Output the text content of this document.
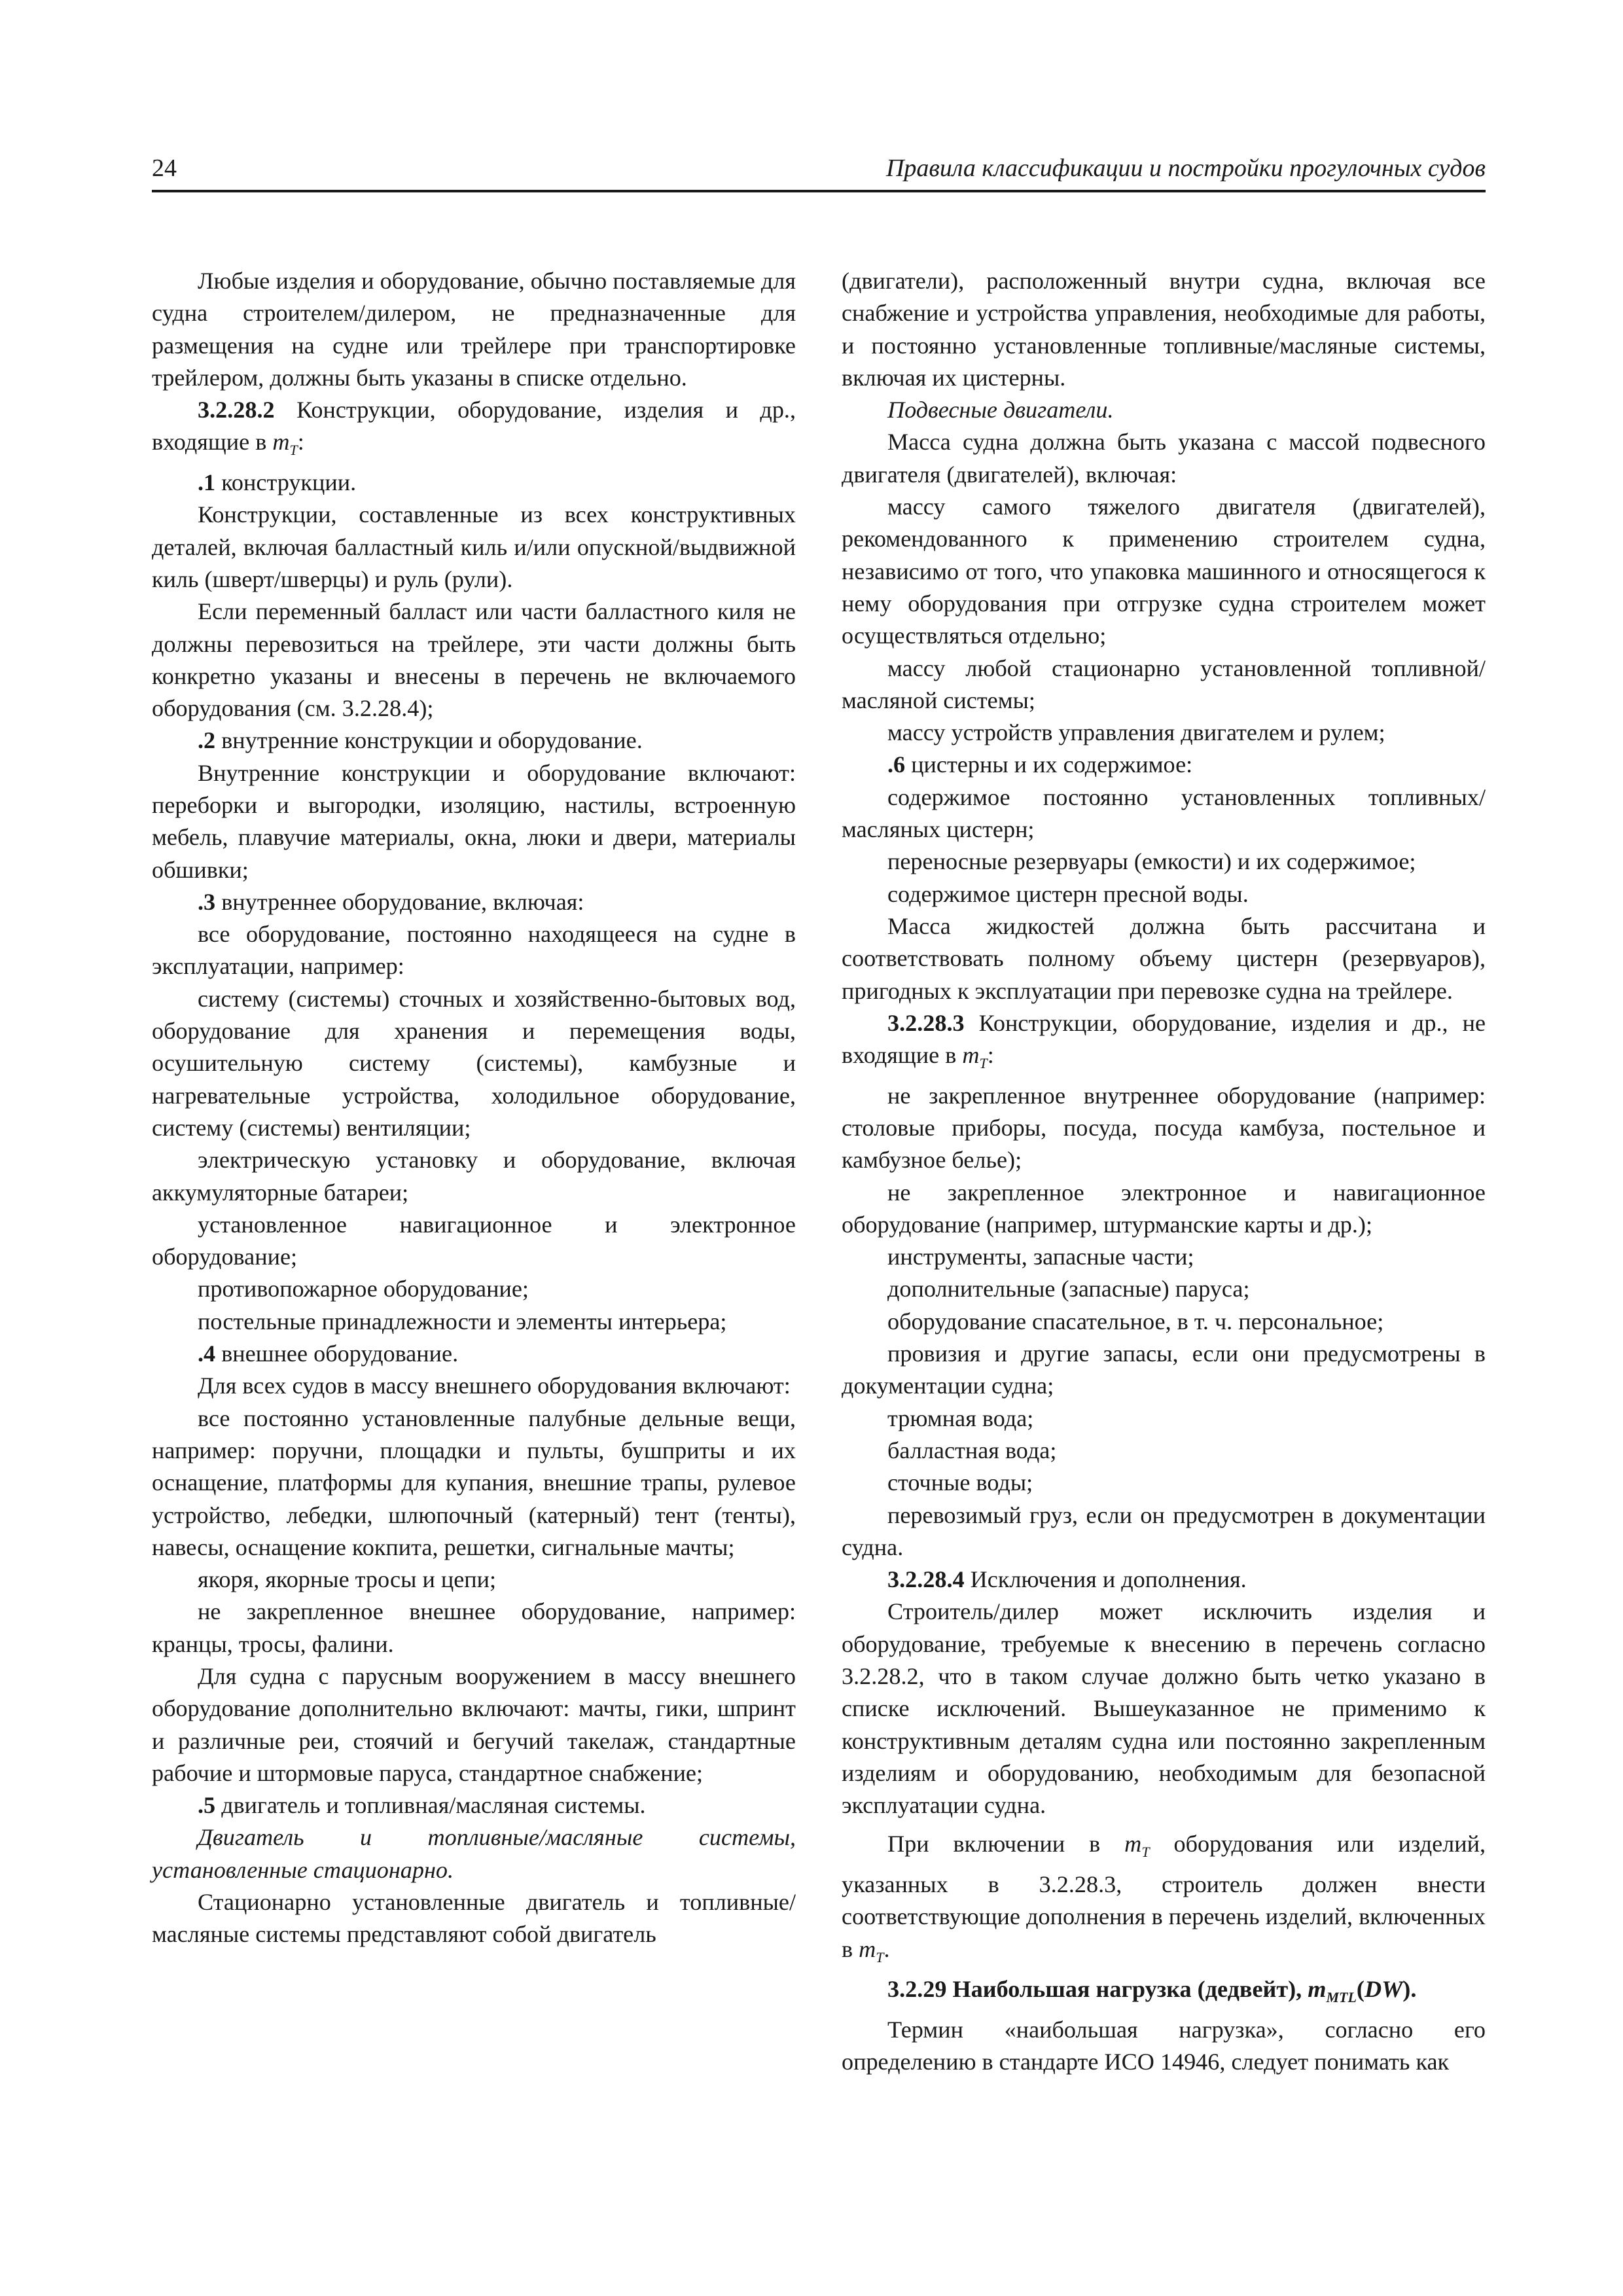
24	Правила классификации и постройки прогулочных судов

Любые изделия и оборудование, обычно поставляемые для судна строителем/дилером, не предназначенные для размещения на судне или трейлере при транспортировке трейлером, должны быть указаны в списке отдельно.

3.2.28.2 Конструкции, оборудование, изделия и др., входящие в $m_T$:

.1 конструкции.

Конструкции, составленные из всех конструктивных деталей, включая балластный киль и/или опускной/выдвижной киль (шверт/шверцы) и руль (рули).

Если переменный балласт или части балластного киля не должны перевозиться на трейлере, эти части должны быть конкретно указаны и внесены в перечень не включаемого оборудования (см. 3.2.28.4);

.2 внутренние конструкции и оборудование.

Внутренние конструкции и оборудование включают: переборки и выгородки, изоляцию, настилы, встроенную мебель, плавучие материалы, окна, люки и двери, материалы обшивки;

.3 внутреннее оборудование, включая:

все оборудование, постоянно находящееся на судне в эксплуатации, например:

систему (системы) сточных и хозяйственно-бытовых вод, оборудование для хранения и перемещения воды, осушительную систему (системы), камбузные и нагревательные устройства, холодильное оборудование, систему (системы) вентиляции;

электрическую установку и оборудование, включая аккумуляторные батареи;

установленное навигационное и электронное оборудование;

противопожарное оборудование;

постельные принадлежности и элементы интерьера;

.4 внешнее оборудование.

Для всех судов в массу внешнего оборудования включают:

все постоянно установленные палубные дельные вещи, например: поручни, площадки и пульты, бушприты и их оснащение, платформы для купания, внешние трапы, рулевое устройство, лебедки, шлюпочный (катерный) тент (тенты), навесы, оснащение кокпита, решетки, сигнальные мачты;

якоря, якорные тросы и цепи;

не закрепленное внешнее оборудование, например: кранцы, тросы, фалини.

Для судна с парусным вооружением в массу внешнего оборудование дополнительно включают: мачты, гики, шпринт и различные реи, стоячий и бегучий такелаж, стандартные рабочие и штормовые паруса, стандартное снабжение;

.5 двигатель и топливная/масляная системы.

Двигатель и топливные/масляные системы, установленные стационарно.

Стационарно установленные двигатель и топливные/масляные системы представляют собой двигатель

(двигатели), расположенный внутри судна, включая все снабжение и устройства управления, необходимые для работы, и постоянно установленные топливные/масляные системы, включая их цистерны.

Подвесные двигатели.

Масса судна должна быть указана с массой подвесного двигателя (двигателей), включая:

массу самого тяжелого двигателя (двигателей), рекомендованного к применению строителем судна, независимо от того, что упаковка машинного и относящегося к нему оборудования при отгрузке судна строителем может осуществляться отдельно;

массу любой стационарно установленной топливной/масляной системы;

массу устройств управления двигателем и рулем;

.6 цистерны и их содержимое:

содержимое постоянно установленных топливных/масляных цистерн;

переносные резервуары (емкости) и их содержимое;

содержимое цистерн пресной воды.

Масса жидкостей должна быть рассчитана и соответствовать полному объему цистерн (резервуаров), пригодных к эксплуатации при перевозке судна на трейлере.

3.2.28.3 Конструкции, оборудование, изделия и др., не входящие в $m_T$:

не закрепленное внутреннее оборудование (например: столовые приборы, посуда, посуда камбуза, постельное и камбузное белье);

не закрепленное электронное и навигационное оборудование (например, штурманские карты и др.);

инструменты, запасные части;

дополнительные (запасные) паруса;

оборудование спасательное, в т. ч. персональное;

провизия и другие запасы, если они предусмотрены в документации судна;

трюмная вода;

балластная вода;

сточные воды;

перевозимый груз, если он предусмотрен в документации судна.

3.2.28.4 Исключения и дополнения.

Строитель/дилер может исключить изделия и оборудование, требуемые к внесению в перечень согласно 3.2.28.2, что в таком случае должно быть четко указано в списке исключений. Вышеуказанное не применимо к конструктивным деталям судна или постоянно закрепленным изделиям и оборудованию, необходимым для безопасной эксплуатации судна.

При включении в $m_T$ оборудования или изделий, указанных в 3.2.28.3, строитель должен внести соответствующие дополнения в перечень изделий, включенных в $m_T$.

3.2.29 Наибольшая нагрузка (дедвейт), $m_{MTL}(DW)$.

Термин «наибольшая нагрузка», согласно его определению в стандарте ИСО 14946, следует понимать как
